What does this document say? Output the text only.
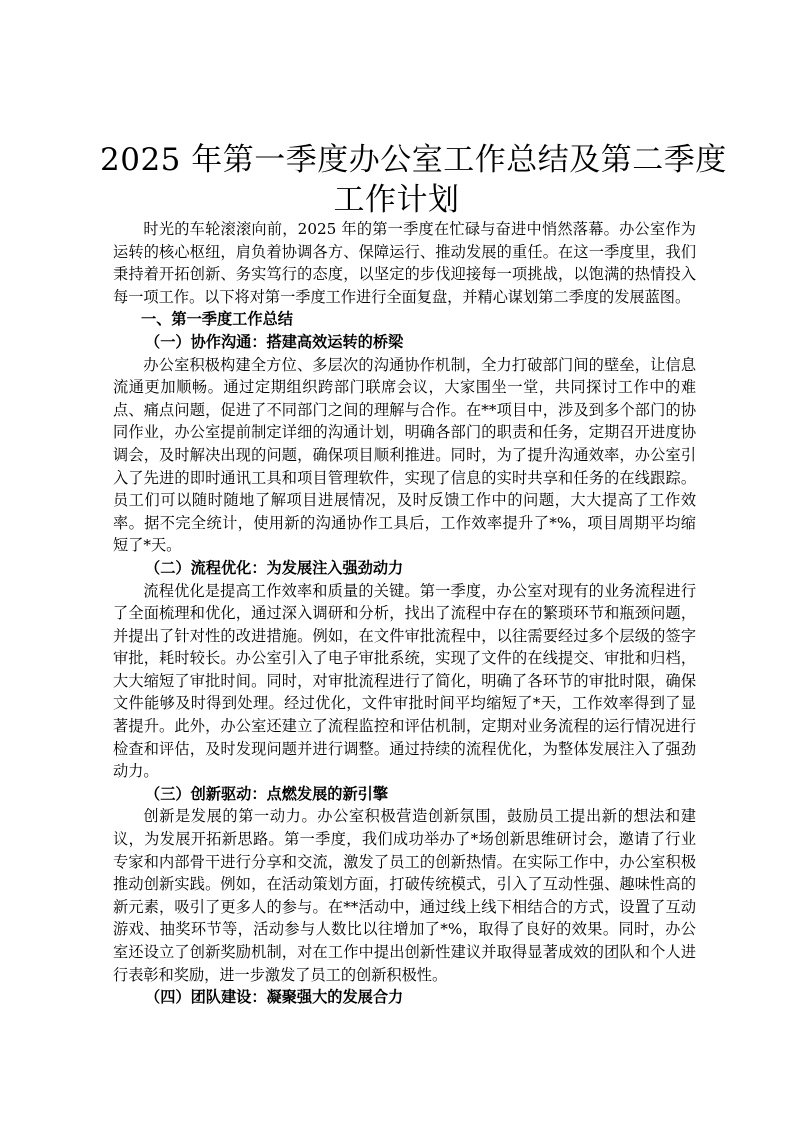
2025 年第一季度办公室工作总结及第二季度
工作计划

时光的车轮滚滚向前，2025 年的第一季度在忙碌与奋进中悄然落幕。办公室作为运转的核心枢纽，肩负着协调各方、保障运行、推动发展的重任。在这一季度里，我们秉持着开拓创新、务实笃行的态度，以坚定的步伐迎接每一项挑战，以饱满的热情投入每一项工作。以下将对第一季度工作进行全面复盘，并精心谋划第二季度的发展蓝图。

一、第一季度工作总结

（一）协作沟通：搭建高效运转的桥梁

办公室积极构建全方位、多层次的沟通协作机制，全力打破部门间的壁垒，让信息流通更加顺畅。通过定期组织跨部门联席会议，大家围坐一堂，共同探讨工作中的难点、痛点问题，促进了不同部门之间的理解与合作。在**项目中，涉及到多个部门的协同作业，办公室提前制定详细的沟通计划，明确各部门的职责和任务，定期召开进度协调会，及时解决出现的问题，确保项目顺利推进。同时，为了提升沟通效率，办公室引入了先进的即时通讯工具和项目管理软件，实现了信息的实时共享和任务的在线跟踪。员工们可以随时随地了解项目进展情况，及时反馈工作中的问题，大大提高了工作效率。据不完全统计，使用新的沟通协作工具后，工作效率提升了*%，项目周期平均缩短了*天。

（二）流程优化：为发展注入强劲动力

流程优化是提高工作效率和质量的关键。第一季度，办公室对现有的业务流程进行了全面梳理和优化，通过深入调研和分析，找出了流程中存在的繁琐环节和瓶颈问题，并提出了针对性的改进措施。例如，在文件审批流程中，以往需要经过多个层级的签字审批，耗时较长。办公室引入了电子审批系统，实现了文件的在线提交、审批和归档，大大缩短了审批时间。同时，对审批流程进行了简化，明确了各环节的审批时限，确保文件能够及时得到处理。经过优化，文件审批时间平均缩短了*天，工作效率得到了显著提升。此外，办公室还建立了流程监控和评估机制，定期对业务流程的运行情况进行检查和评估，及时发现问题并进行调整。通过持续的流程优化，为整体发展注入了强劲动力。

（三）创新驱动：点燃发展的新引擎

创新是发展的第一动力。办公室积极营造创新氛围，鼓励员工提出新的想法和建议，为发展开拓新思路。第一季度，我们成功举办了*场创新思维研讨会，邀请了行业专家和内部骨干进行分享和交流，激发了员工的创新热情。在实际工作中，办公室积极推动创新实践。例如，在活动策划方面，打破传统模式，引入了互动性强、趣味性高的新元素，吸引了更多人的参与。在**活动中，通过线上线下相结合的方式，设置了互动游戏、抽奖环节等，活动参与人数比以往增加了*%，取得了良好的效果。同时，办公室还设立了创新奖励机制，对在工作中提出创新性建议并取得显著成效的团队和个人进行表彰和奖励，进一步激发了员工的创新积极性。

（四）团队建设：凝聚强大的发展合力
